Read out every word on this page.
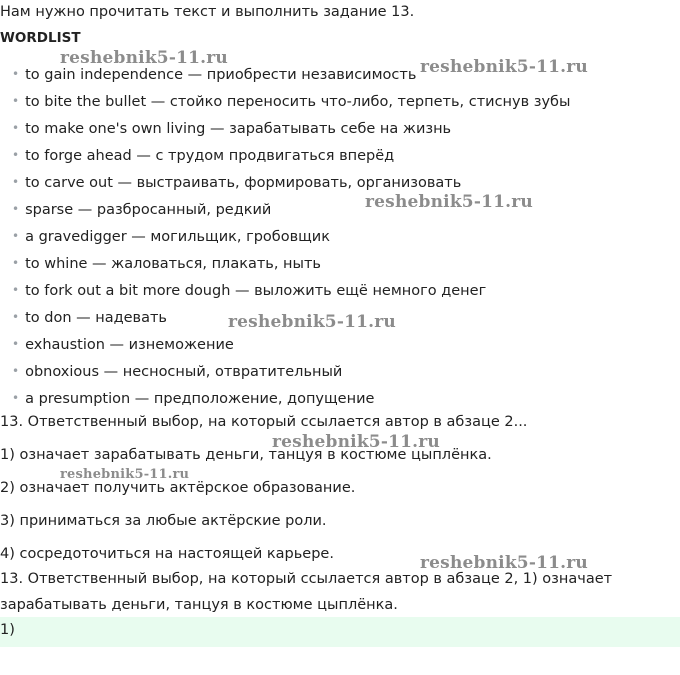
Нам нужно прочитать текст и выполнить задание 13.
WORDLIST
• to gain independence — приобрести независимость
• to bite the bullet — стойко переносить что-либо, терпеть, стиснув зубы
• to make one's own living — зарабатывать себе на жизнь
• to forge ahead — с трудом продвигаться вперёд
• to carve out — выстраивать, формировать, организовать
• sparse — разбросанный, редкий
• a gravedigger — могильщик, гробовщик
• to whine — жаловаться, плакать, ныть
• to fork out a bit more dough — выложить ещё немного денег
• to don — надевать
• exhaustion — изнеможение
• obnoxious — несносный, отвратительный
• a presumption — предположение, допущение
13. Ответственный выбор, на который ссылается автор в абзаце 2...
1) означает зарабатывать деньги, танцуя в костюме цыплёнка.
2) означает получить актёрское образование.
3) приниматься за любые актёрские роли.
4) сосредоточиться на настоящей карьере.
13. Ответственный выбор, на который ссылается автор в абзаце 2, 1) означает
зарабатывать деньги, танцуя в костюме цыплёнка.
1)
reshebnik5-11.ru	reshebnik5-11.ru
reshebnik5-11.ru
reshebnik5-11.ru
reshebnik5-11.ru
reshebnik5-11.ru
reshebnik5-11.ru
